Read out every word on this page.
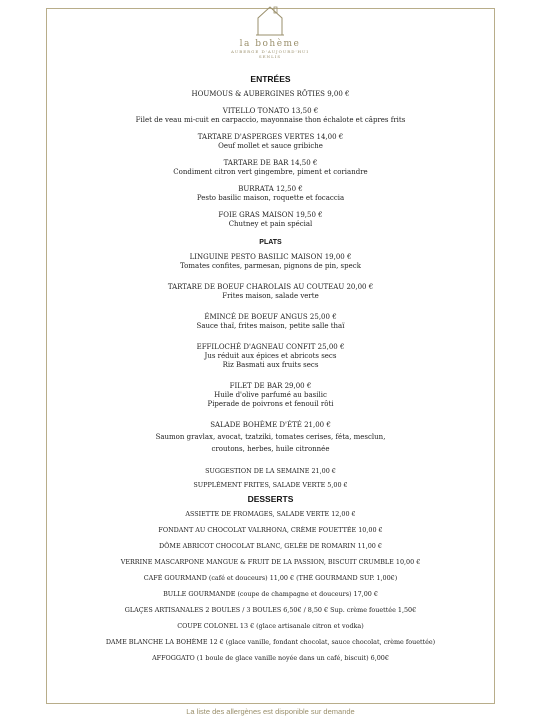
la bohème
AUBERGE D'AUJOURD'HUI
SENLIS
ENTRÉES
HOUMOUS & AUBERGINES RÔTIES 9,00 €
VITELLO TONATO 13,50 €
Filet de veau mi-cuit en carpaccio, mayonnaise thon échalote et câpres frits
TARTARE D'ASPERGES VERTES 14,00 €
Oeuf mollet et sauce gribiche
TARTARE DE BAR 14,50 €
Condiment citron vert gingembre, piment et coriandre
BURRATA 12,50 €
Pesto basilic maison, roquette et focaccia
FOIE GRAS MAISON 19,50 €
Chutney et pain spécial
PLATS
LINGUINE PESTO BASILIC MAISON 19,00 €
Tomates confites, parmesan, pignons de pin, speck
TARTARE DE BOEUF CHAROLAIS AU COUTEAU 20,00 €
Frites maison, salade verte
ÉMINCÉ DE BOEUF ANGUS 25,00 €
Sauce thaï, frites maison, petite salle thaï
EFFILOCHÉ D'AGNEAU CONFIT 25,00 €
Jus réduit aux épices et abricots secs
Riz Basmati aux fruits secs
FILET DE BAR 29,00 €
Huile d'olive parfumé au basilic
Piperade de poivrons et fenouil rôti
SALADE BOHÈME D'ÉTÉ 21,00 €
Saumon gravlax, avocat, tzatziki, tomates cerises, féta, mesclun,
croutons, herbes, huile citronnée
SUGGESTION DE LA SEMAINE 21,00 €
SUPPLÉMENT FRITES, SALADE VERTE 5,00 €
DESSERTS
ASSIETTE DE FROMAGES, SALADE VERTE 12,00 €
FONDANT AU CHOCOLAT VALRHONA, CRÈME FOUETTÉE 10,00 €
DÔME ABRICOT CHOCOLAT BLANC, GELÉE DE ROMARIN 11,00 €
VERRINE MASCARPONE MANGUE & FRUIT DE LA PASSION, BISCUIT CRUMBLE 10,00 €
CAFÉ GOURMAND (café et douceurs) 11,00 € (THÉ GOURMAND SUP. 1,00€)
BULLE GOURMANDE (coupe de champagne et douceurs) 17,00 €
GLAÇES ARTISANALES 2 BOULES / 3 BOULES 6,50€ / 8,50 € Sup. crème fouettée 1,50€
COUPE COLONEL 13 € (glace artisanale citron et vodka)
DAME BLANCHE LA BOHÈME 12 € (glace vanille, fondant chocolat, sauce chocolat, crème fouettée)
AFFOGGATO (1 boule de glace vanille noyée dans un café, biscuit) 6,00€
La liste des allergènes est disponible sur demande
